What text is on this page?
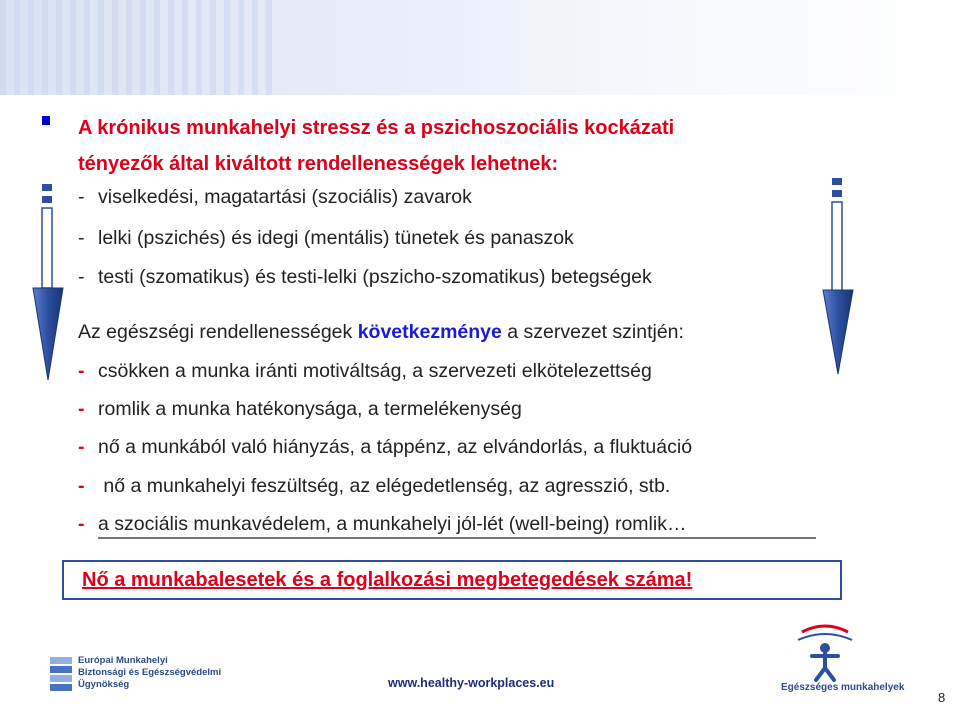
A krónikus munkahelyi stressz és a pszichoszociális kockázati
tényezők által kiváltott rendellenességek lehetnek:
- viselkedési, magatartási (szociális) zavarok
- lelki (pszichés) és idegi (mentális) tünetek és panaszok
- testi (szomatikus) és testi-lelki (pszicho-szomatikus) betegségek
Az egészségi rendellenességek következménye a szervezet szintjén:
- csökken a munka iránti motiváltság, a szervezeti elkötelezettség
- romlik a munka hatékonysága, a termelékenység
- nő a munkából való hiányzás, a táppénz, az elvándorlás, a fluktuáció
- nő a munkahelyi feszültség, az elégedetlenség, az agresszió, stb.
- a szociális munkavédelem, a munkahelyi jól-lét (well-being) romlik…
Nő a munkabalesetek és a foglalkozási megbetegedések száma!
Európai Munkahelyi
Biztonsági és Egészségvédelmi
Ügynökség	www.healthy-workplaces.eu	Egészséges munkahelyek
8
